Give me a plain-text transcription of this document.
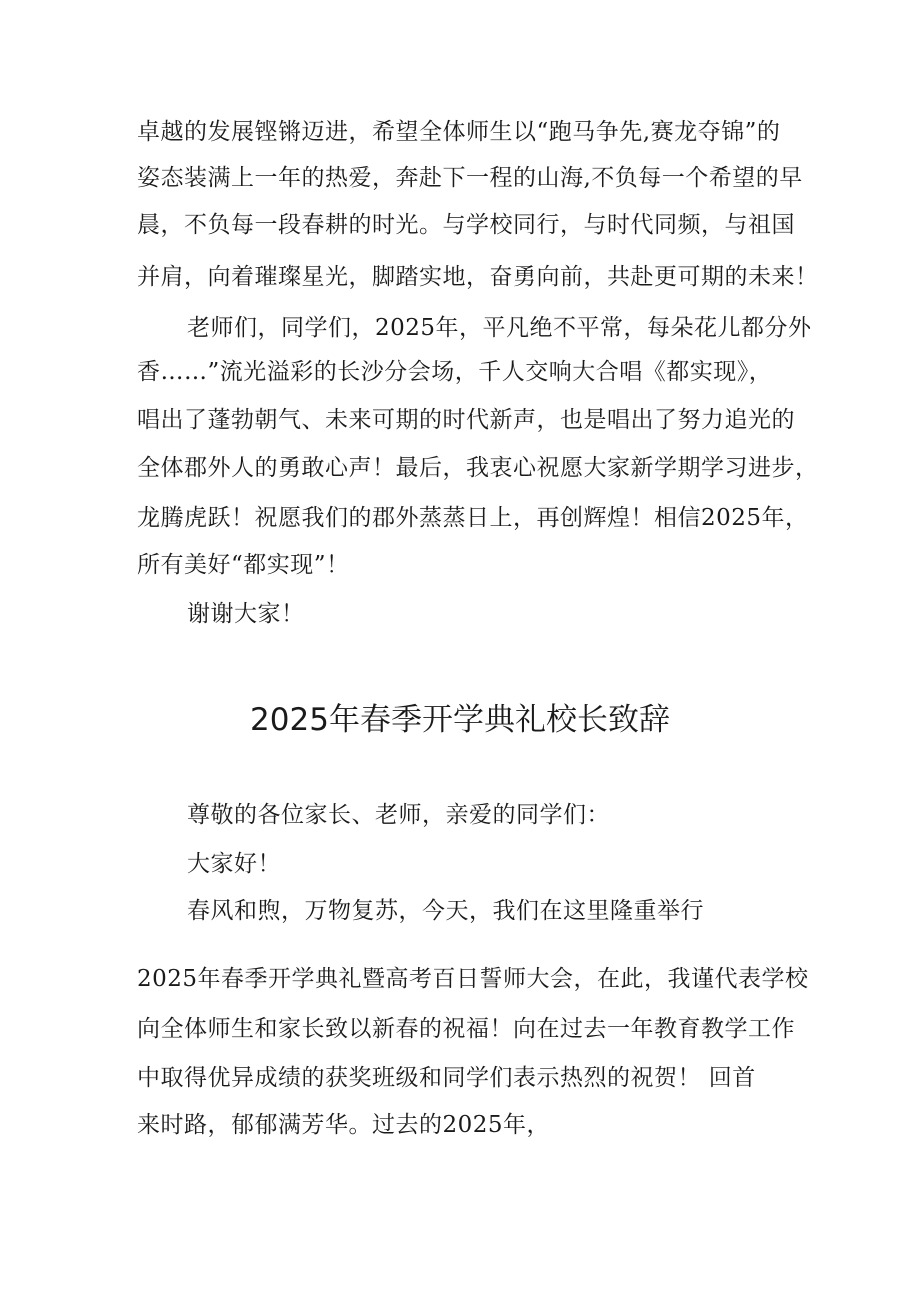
卓越的发展铿锵迈进，希望全体师生以“跑马争先,赛龙夺锦”的
姿态装满上一年的热爱，奔赴下一程的山海,不负每一个希望的早
晨，不负每一段春耕的时光。与学校同行，与时代同频，与祖国
并肩，向着璀璨星光，脚踏实地，奋勇向前，共赴更可期的未来！
老师们，同学们，2025年，平凡绝不平常，每朵花儿都分外
香……”流光溢彩的长沙分会场，千人交响大合唱《都实现》，
唱出了蓬勃朝气、未来可期的时代新声，也是唱出了努力追光的
全体郡外人的勇敢心声！最后，我衷心祝愿大家新学期学习进步，
龙腾虎跃！祝愿我们的郡外蒸蒸日上，再创辉煌！相信2025年，
所有美好“都实现”！
谢谢大家！
2025年春季开学典礼校长致辞
尊敬的各位家长、老师，亲爱的同学们：
大家好！
春风和煦，万物复苏，今天，我们在这里隆重举行
2025年春季开学典礼暨高考百日誓师大会，在此，我谨代表学校
向全体师生和家长致以新春的祝福！向在过去一年教育教学工作
中取得优异成绩的获奖班级和同学们表示热烈的祝贺！ 回首
来时路，郁郁满芳华。过去的2025年，
